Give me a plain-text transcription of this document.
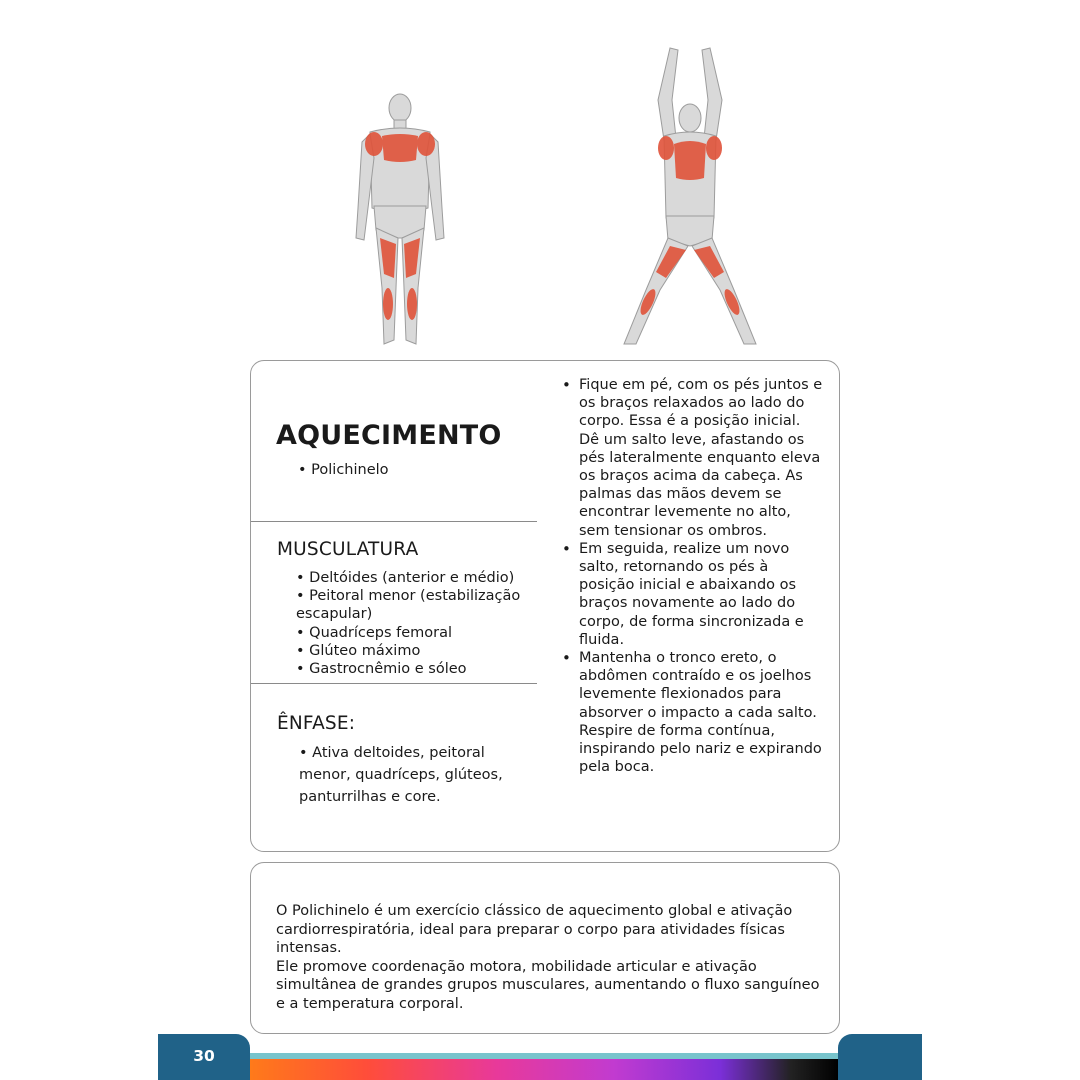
AQUECIMENTO
• Polichinelo
MUSCULATURA
• Deltóides (anterior e médio)
• Peitoral menor (estabilização escapular)
• Quadríceps femoral
• Glúteo máximo
• Gastrocnêmio e sóleo
ÊNFASE:
• Ativa deltoides, peitoral menor, quadríceps, glúteos, panturrilhas e core.
• Fique em pé, com os pés juntos e os braços relaxados ao lado do corpo. Essa é a posição inicial. Dê um salto leve, afastando os pés lateralmente enquanto eleva os braços acima da cabeça. As palmas das mãos devem se encontrar levemente no alto, sem tensionar os ombros.
• Em seguida, realize um novo salto, retornando os pés à posição inicial e abaixando os braços novamente ao lado do corpo, de forma sincronizada e fluida.
• Mantenha o tronco ereto, o abdômen contraído e os joelhos levemente flexionados para absorver o impacto a cada salto. Respire de forma contínua, inspirando pelo nariz e expirando pela boca.
O Polichinelo é um exercício clássico de aquecimento global e ativação cardiorrespiratória, ideal para preparar o corpo para atividades físicas intensas.
Ele promove coordenação motora, mobilidade articular e ativação simultânea de grandes grupos musculares, aumentando o fluxo sanguíneo e a temperatura corporal.
30
